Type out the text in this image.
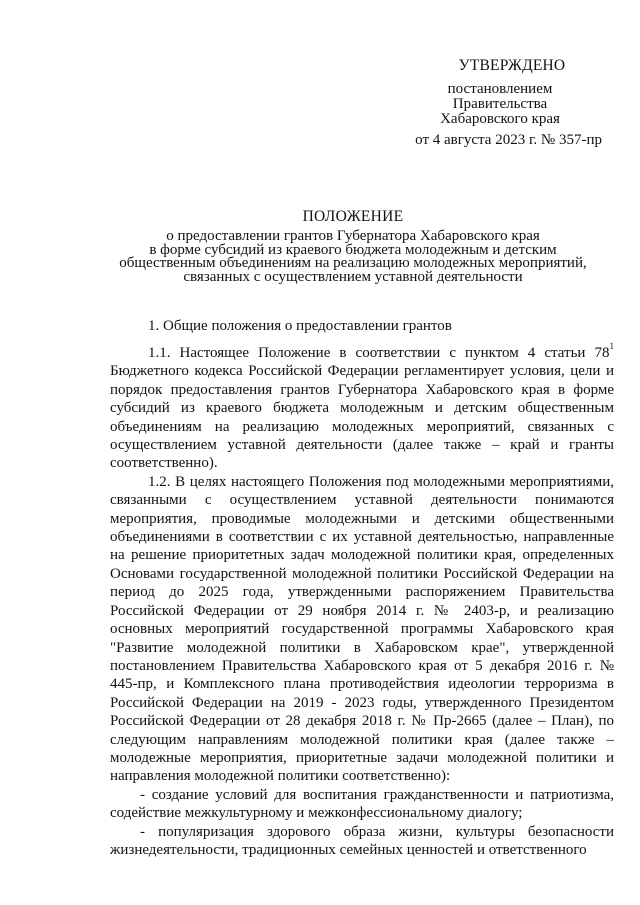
УТВЕРЖДЕНО
постановлением
Правительства
Хабаровского края
от 4 августа 2023 г. № 357-пр
ПОЛОЖЕНИЕ
о предоставлении грантов Губернатора Хабаровского края
в форме субсидий из краевого бюджета молодежным и детским
общественным объединениям на реализацию молодежных мероприятий,
связанных с осуществлением уставной деятельности
1. Общие положения о предоставлении грантов

1.1. Настоящее Положение в соответствии с пунктом 4 статьи $78^1$ Бюджетного кодекса Российской Федерации регламентирует условия, цели и порядок предоставления грантов Губернатора Хабаровского края в форме субсидий из краевого бюджета молодежным и детским общественным объединениям на реализацию молодежных мероприятий, связанных с осуществлением уставной деятельности (далее также – край и гранты соответственно).

1.2. В целях настоящего Положения под молодежными мероприятиями, связанными с осуществлением уставной деятельности понимаются мероприятия, проводимые молодежными и детскими общественными объединениями в соответствии с их уставной деятельностью, направленные на решение приоритетных задач молодежной политики края, определенных Основами государственной молодежной политики Российской Федерации на период до 2025 года, утвержденными распоряжением Правительства Российской Федерации от 29 ноября 2014 г. № 2403-р, и реализацию основных мероприятий государственной программы Хабаровского края "Развитие молодежной политики в Хабаровском крае", утвержденной постановлением Правительства Хабаровского края от 5 декабря 2016 г. № 445-пр, и Комплексного плана противодействия идеологии терроризма в Российской Федерации на 2019 - 2023 годы, утвержденного Президентом Российской Федерации от 28 декабря 2018 г. № Пр-2665 (далее – План), по следующим направлениям молодежной политики края (далее также – молодежные мероприятия, приоритетные задачи молодежной политики и направления молодежной политики соответственно):

- создание условий для воспитания гражданственности и патриотизма, содействие межкультурному и межконфессиональному диалогу;

- популяризация здорового образа жизни, культуры безопасности жизнедеятельности, традиционных семейных ценностей и ответственного
